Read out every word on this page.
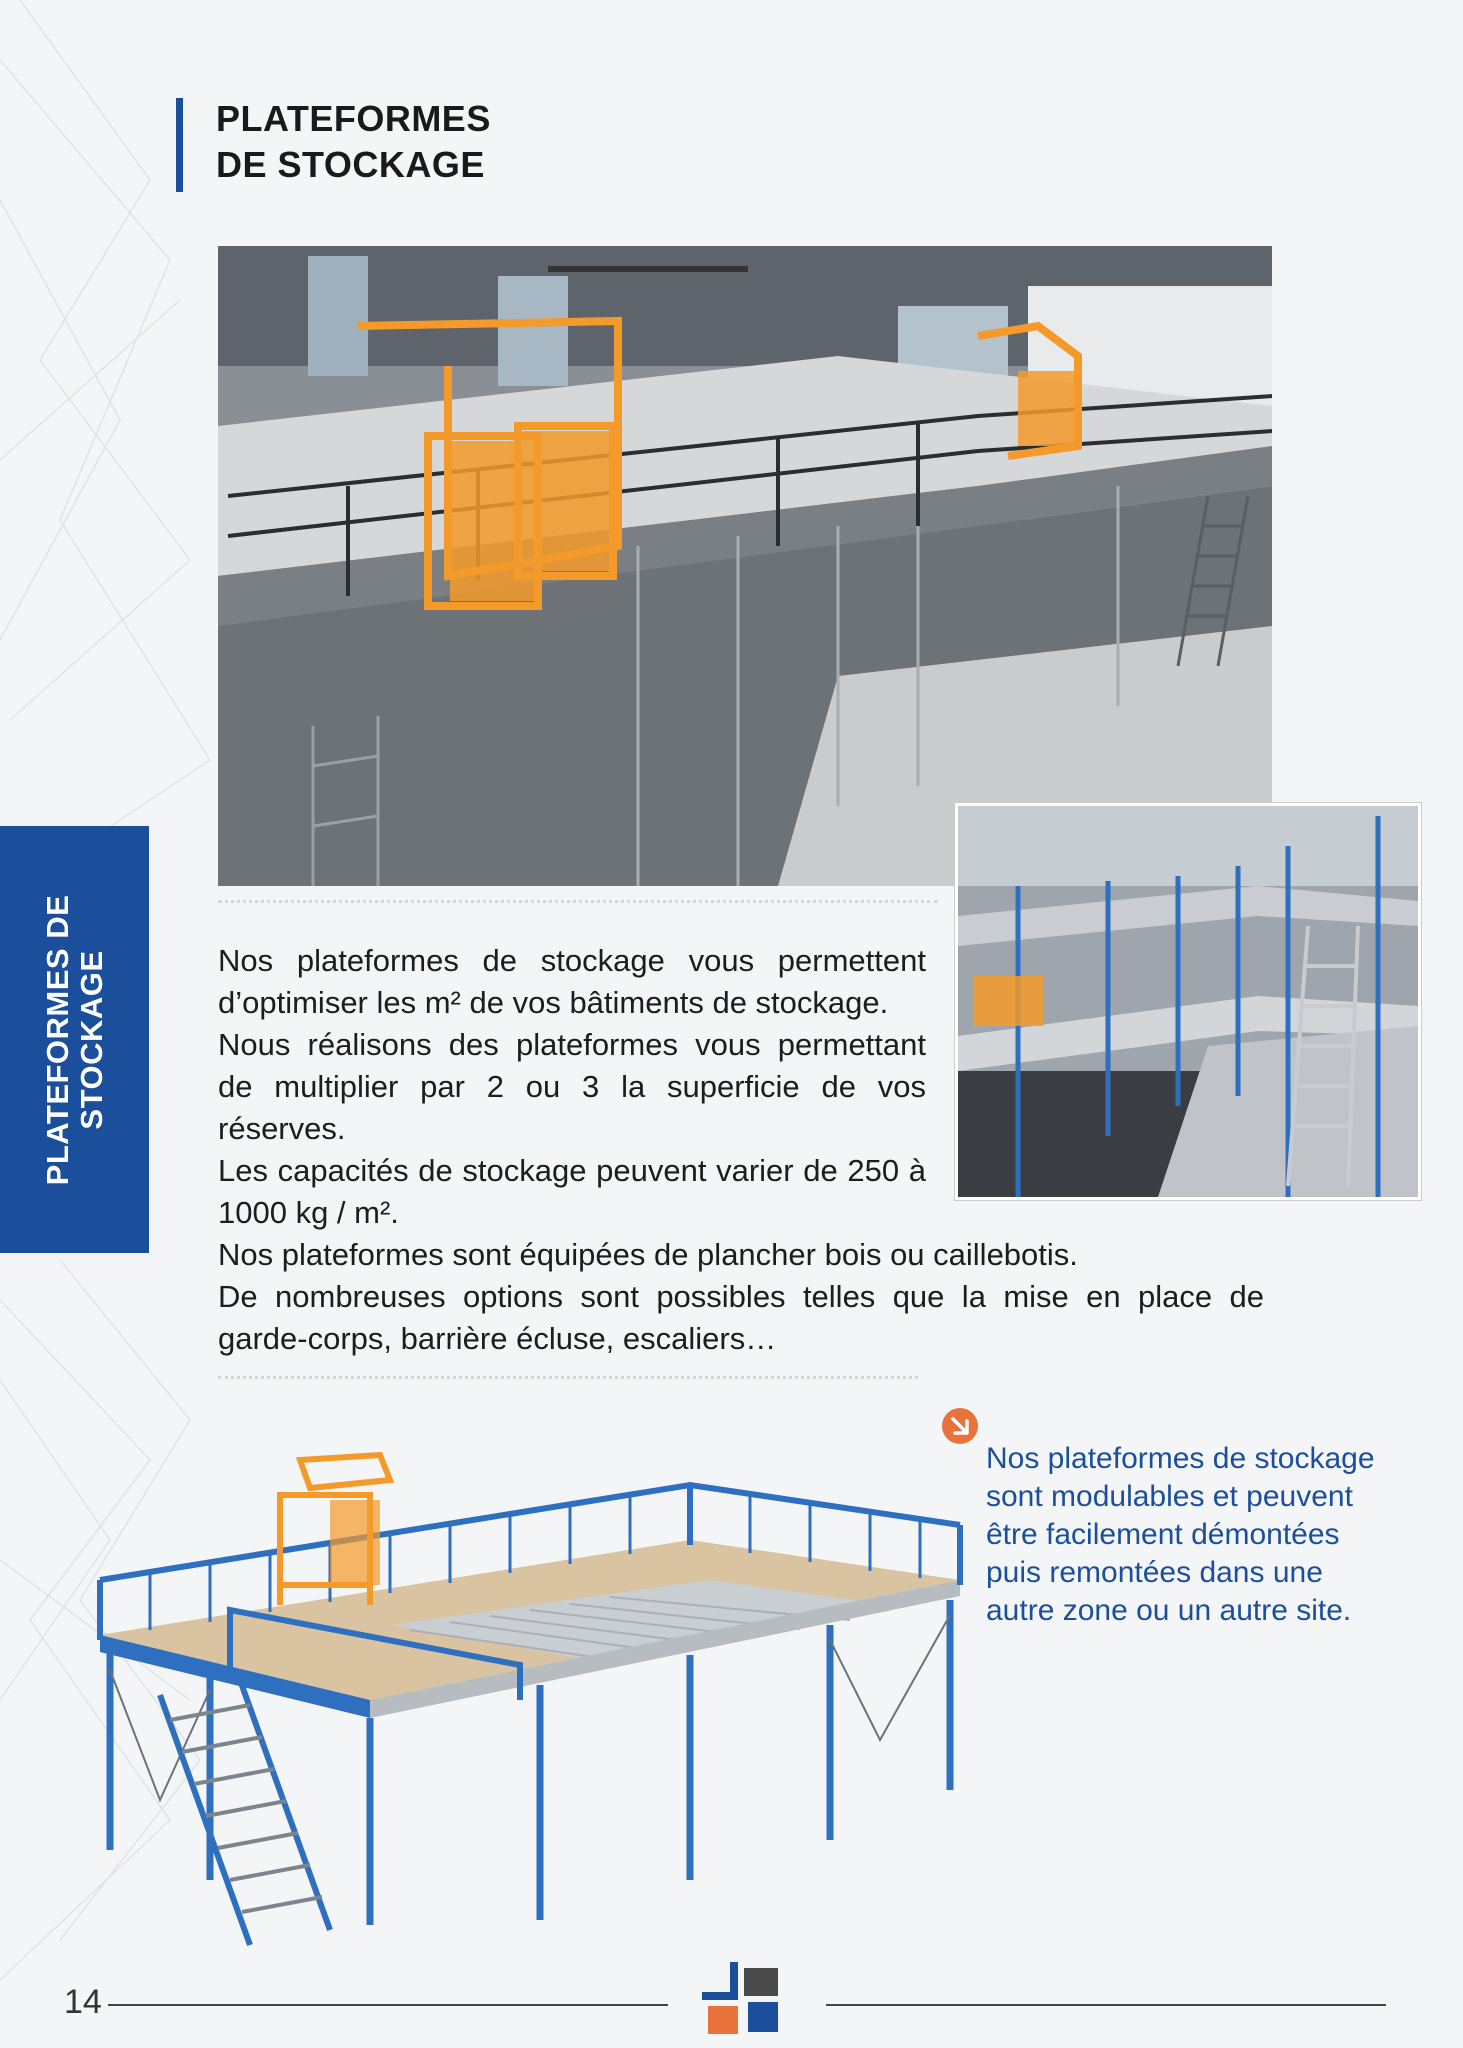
PLATEFORMES
DE STOCKAGE
PLATEFORMES DE
STOCKAGE	Nos plateformes de stockage vous permettent d’optimiser les m² de vos bâtiments de stockage.

Nous réalisons des plateformes vous permettant de multiplier par 2 ou 3 la superficie de vos réserves.

Les capacités de stockage peuvent varier de 250 à 1000 kg / m².

Nos plateformes sont équipées de plancher bois ou caillebotis.

De nombreuses options sont possibles telles que la mise en place de garde-corps, barrière écluse, escaliers…

Nos plateformes de stockage sont modulables et peuvent être facilement démontées puis remontées dans une autre zone ou un autre site.

14
